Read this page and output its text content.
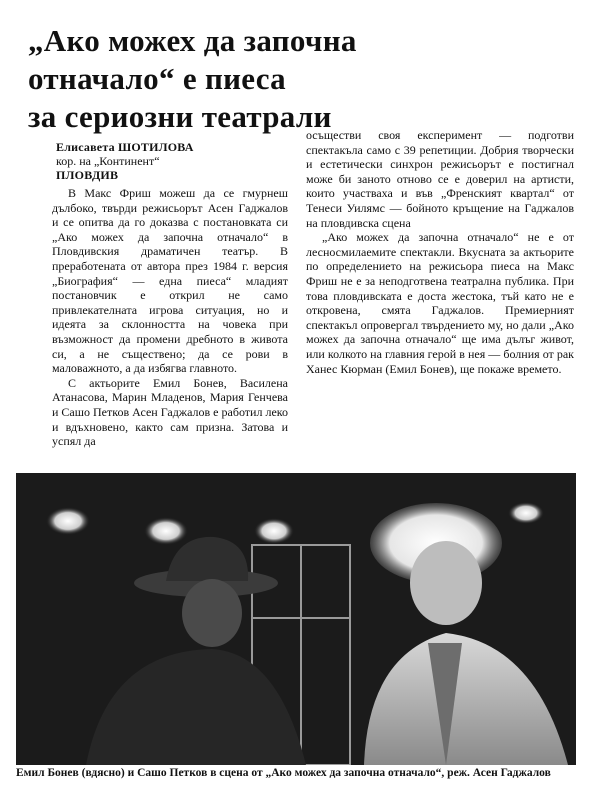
„Ако можех да започна
отначало“ е пиеса
за сериозни театрали
Елисавета ШОТИЛОВА
кор. на „Континент“
ПЛОВДИВ

В Макс Фриш можеш да се гмурнеш дълбоко, твърди режисьорът Асен Гаджалов и се опитва да го доказва с постановката си „Ако можех да започна отначало“ в Пловдивския драматичен театър. В преработената от автора през 1984 г. версия „Биография“ — една пиеса“ младият постановчик е открил не само привлекателната игрова ситуация, но и идеята за склонността на човека при възможност да промени дребното в живота си, а не съществено; да се рови в маловажното, а да избягва главното.

С актьорите Емил Бонев, Василена Атанасова, Марин Младенов, Мария Генчева и Сашо Петков Асен Гаджалов е работил леко и вдъхновено, както сам призна. Затова и успял да

осъществи своя експеримент — подготви спектакъла само с 39 репетиции. Добрия творчески и естетически синхрон режисьорът е постигнал може би заното отново се е доверил на артисти, които участваха и във „Френският квартал“ от Тенеси Уилямс — бойното кръщение на Гаджалов на пловдивска сцена

„Ако можех да започна отначало“ не е от лесносмилаемите спектакли. Вкусната за актьорите по определението на режисьора пиеса на Макс Фриш не е за неподготвена театрална публика. При това пловдивската е доста жестока, тъй като не е откровена, смята Гаджалов. Премиерният спектакъл опровергал твърдението му, но дали „Ако можех да започна отначало“ ще има дълъг живот, или колкото на главния герой в нея — болния от рак Ханес Кюрман (Емил Бонев), ще покаже времето.

Емил Бонев (вдясно) и Сашо Петков в сцена от „Ако можех да започна отначало“, реж. Асен Гаджалов
